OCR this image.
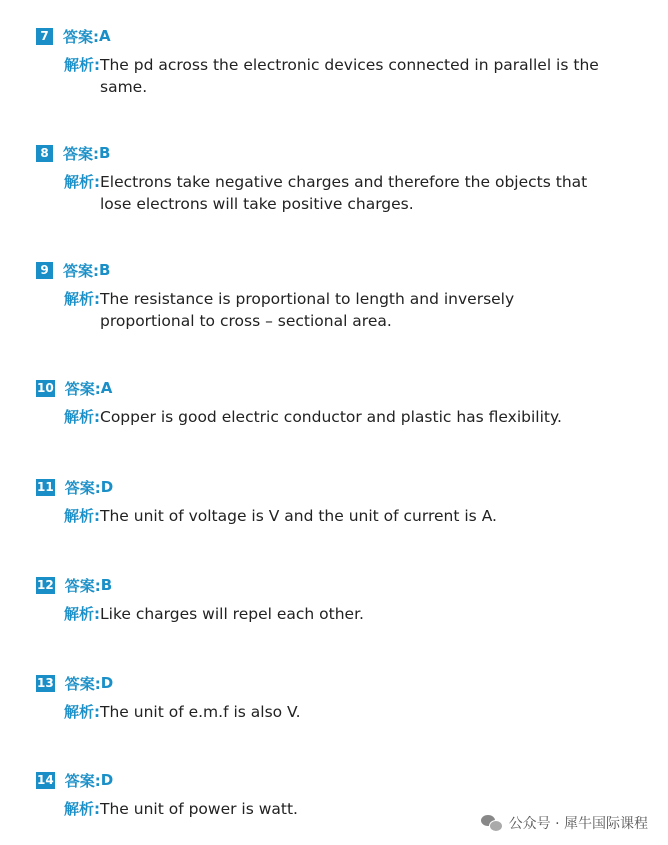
7 答案: A
解析: The pd across the electronic devices connected in parallel is the same.
8 答案: B
解析: Electrons take negative charges and therefore the objects that lose electrons will take positive charges.
9 答案: B
解析: The resistance is proportional to length and inversely proportional to cross – sectional area.
10 答案: A
解析: Copper is good electric conductor and plastic has flexibility.
11 答案: D
解析: The unit of voltage is V and the unit of current is A.
12 答案: B
解析: Like charges will repel each other.
13 答案: D
解析: The unit of e.m.f is also V.
14 答案: D
解析: The unit of power is watt.
公众号 · 犀牛国际课程
